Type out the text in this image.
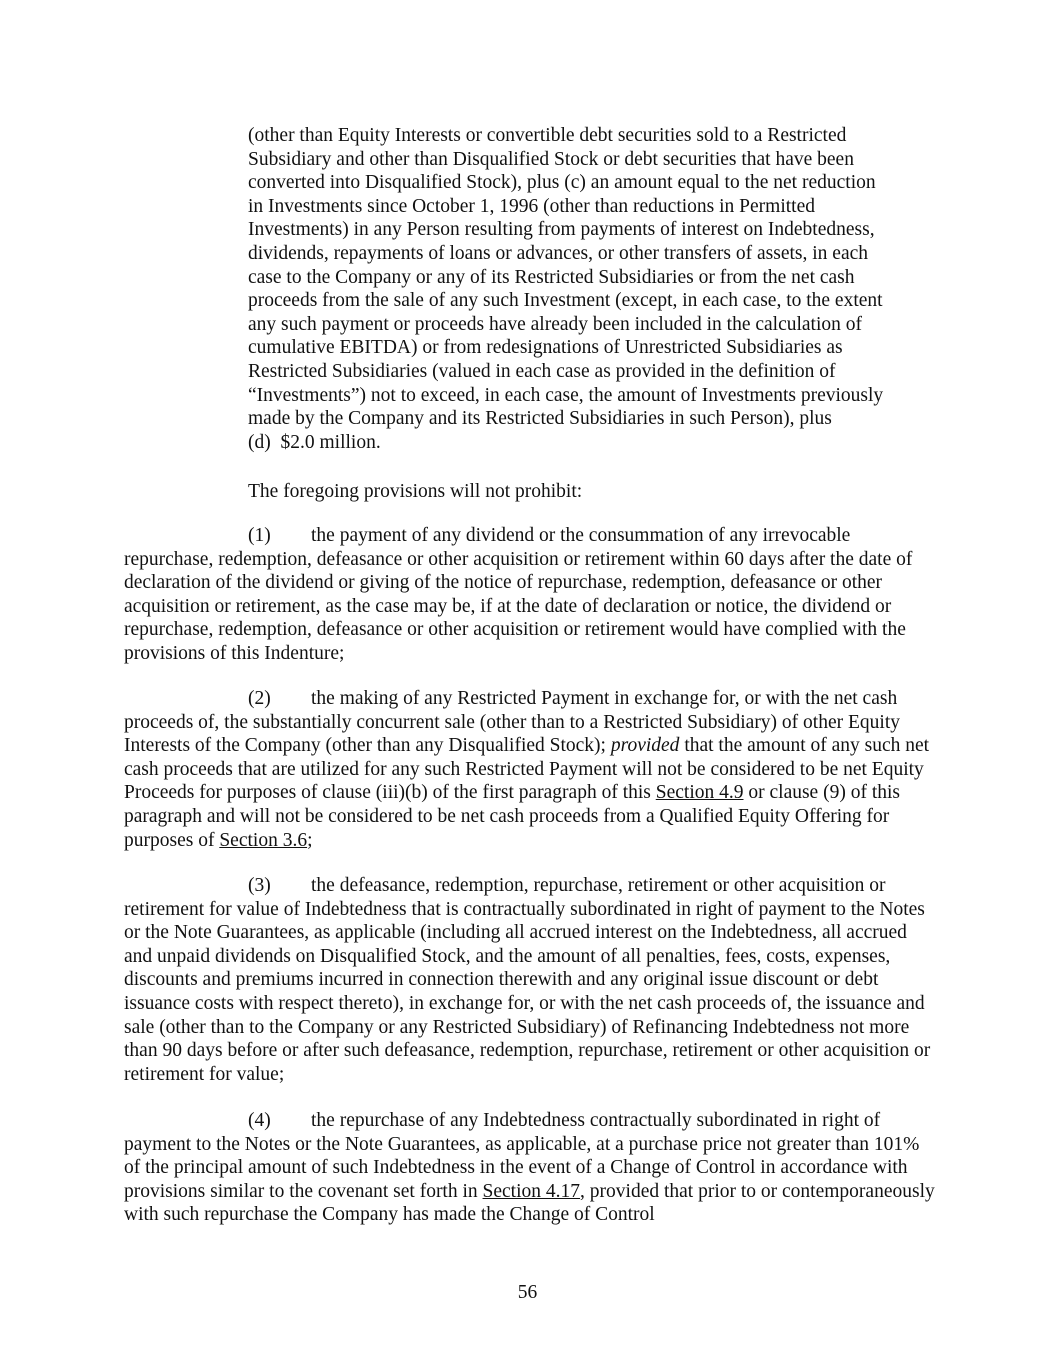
(other than Equity Interests or convertible debt securities sold to a Restricted
Subsidiary and other than Disqualified Stock or debt securities that have been
converted into Disqualified Stock), plus (c) an amount equal to the net reduction
in Investments since October 1, 1996 (other than reductions in Permitted
Investments) in any Person resulting from payments of interest on Indebtedness,
dividends, repayments of loans or advances, or other transfers of assets, in each
case to the Company or any of its Restricted Subsidiaries or from the net cash
proceeds from the sale of any such Investment (except, in each case, to the extent
any such payment or proceeds have already been included in the calculation of
cumulative EBITDA) or from redesignations of Unrestricted Subsidiaries as
Restricted Subsidiaries (valued in each case as provided in the definition of
“Investments”) not to exceed, in each case, the amount of Investments previously
made by the Company and its Restricted Subsidiaries in such Person), plus
(d)  $2.0 million.

The foregoing provisions will not prohibit:

(1) the payment of any dividend or the consummation of any irrevocable repurchase, redemption, defeasance or other acquisition or retirement within 60 days after the date of declaration of the dividend or giving of the notice of repurchase, redemption, defeasance or other acquisition or retirement, as the case may be, if at the date of declaration or notice, the dividend or repurchase, redemption, defeasance or other acquisition or retirement would have complied with the provisions of this Indenture;

(2) the making of any Restricted Payment in exchange for, or with the net cash proceeds of, the substantially concurrent sale (other than to a Restricted Subsidiary) of other Equity Interests of the Company (other than any Disqualified Stock); provided that the amount of any such net cash proceeds that are utilized for any such Restricted Payment will not be considered to be net Equity Proceeds for purposes of clause (iii)(b) of the first paragraph of this Section 4.9 or clause (9) of this paragraph and will not be considered to be net cash proceeds from a Qualified Equity Offering for purposes of Section 3.6;

(3) the defeasance, redemption, repurchase, retirement or other acquisition or retirement for value of Indebtedness that is contractually subordinated in right of payment to the Notes or the Note Guarantees, as applicable (including all accrued interest on the Indebtedness, all accrued and unpaid dividends on Disqualified Stock, and the amount of all penalties, fees, costs, expenses, discounts and premiums incurred in connection therewith and any original issue discount or debt issuance costs with respect thereto), in exchange for, or with the net cash proceeds of, the issuance and sale (other than to the Company or any Restricted Subsidiary) of Refinancing Indebtedness not more than 90 days before or after such defeasance, redemption, repurchase, retirement or other acquisition or retirement for value;

(4) the repurchase of any Indebtedness contractually subordinated in right of payment to the Notes or the Note Guarantees, as applicable, at a purchase price not greater than 101% of the principal amount of such Indebtedness in the event of a Change of Control in accordance with provisions similar to the covenant set forth in Section 4.17, provided that prior to or contemporaneously with such repurchase the Company has made the Change of Control

56
